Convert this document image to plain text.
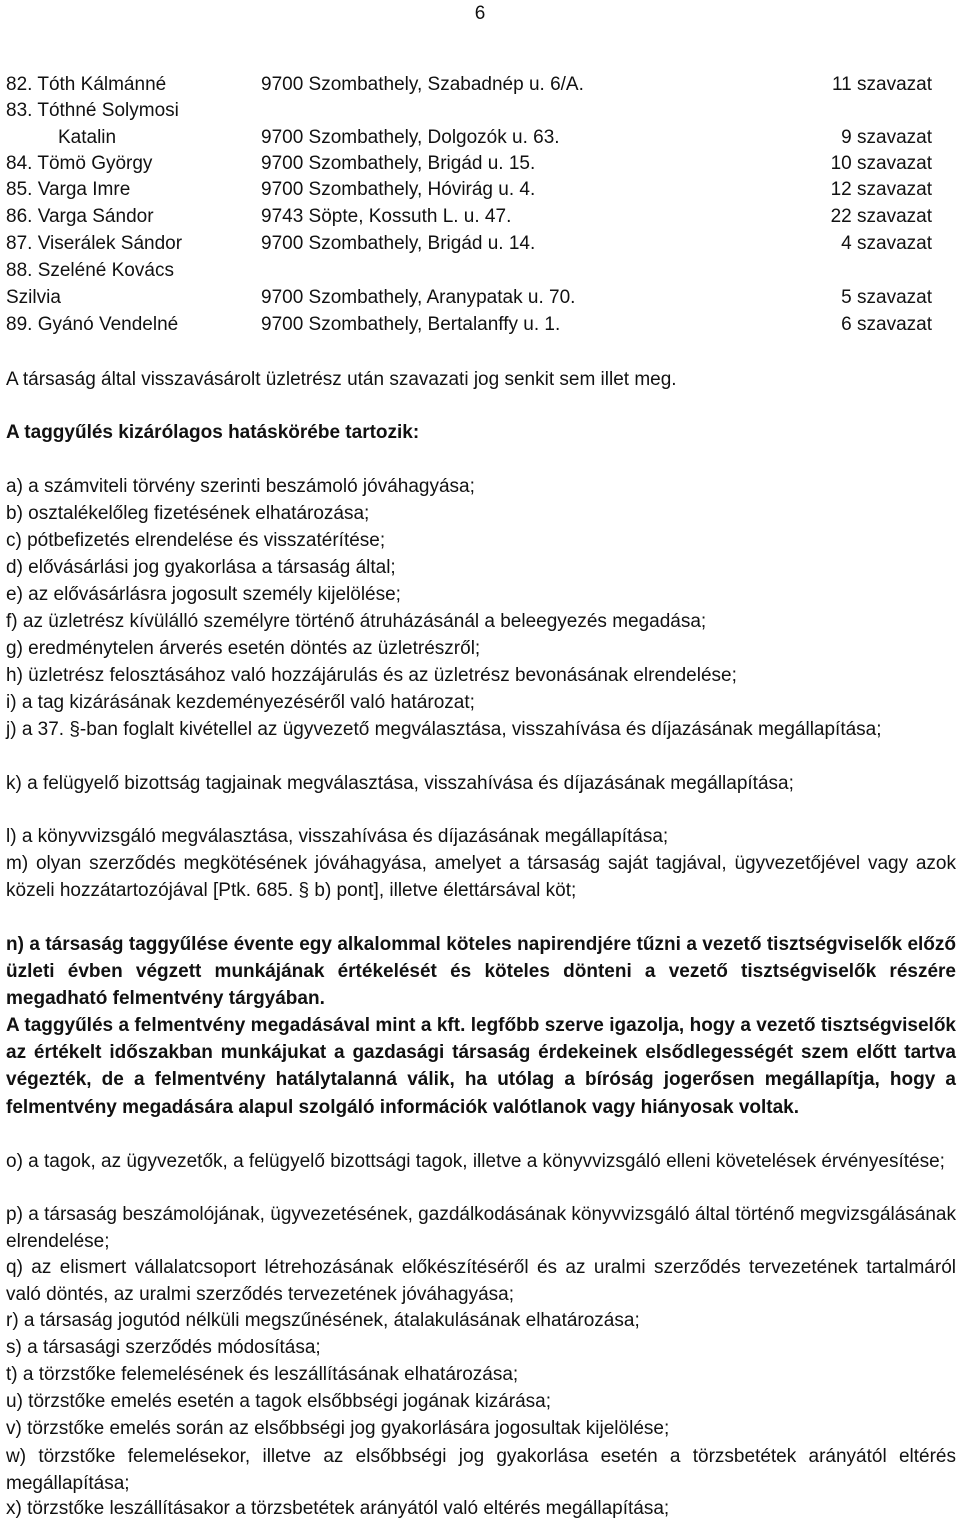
6
82. Tóth Kálmánné	9700 Szombathely, Szabadnép u. 6/A.	11 szavazat
83. Tóthné Solymosi
Katalin	9700 Szombathely, Dolgozók u. 63.	9 szavazat
84. Tömö György	9700 Szombathely, Brigád u. 15.	10 szavazat
85. Varga Imre	9700 Szombathely, Hóvirág u. 4.	12 szavazat
86. Varga Sándor	9743 Söpte, Kossuth L. u. 47.	22 szavazat
87. Viserálek Sándor	9700 Szombathely, Brigád u. 14.	4 szavazat
88. Szeléné Kovács
Szilvia	9700 Szombathely, Aranypatak u. 70.	5 szavazat
89. Gyánó Vendelné	9700 Szombathely, Bertalanffy u. 1.	6 szavazat
A társaság által visszavásárolt üzletrész után szavazati jog senkit sem illet meg.
A taggyűlés kizárólagos hatáskörébe tartozik:
a) a számviteli törvény szerinti beszámoló jóváhagyása;
b) osztalékelőleg fizetésének elhatározása;
c) pótbefizetés elrendelése és visszatérítése;
d) elővásárlási jog gyakorlása a társaság által;
e) az elővásárlásra jogosult személy kijelölése;
f) az üzletrész kívülálló személyre történő átruházásánál a beleegyezés megadása;
g) eredménytelen árverés esetén döntés az üzletrészről;
h) üzletrész felosztásához való hozzájárulás és az üzletrész bevonásának elrendelése;
i) a tag kizárásának kezdeményezéséről való határozat;
j) a 37. §-ban foglalt kivétellel az ügyvezető megválasztása, visszahívása és díjazásának megállapítása;
k) a felügyelő bizottság tagjainak megválasztása, visszahívása és díjazásának megállapítása;
l) a könyvvizsgáló megválasztása, visszahívása és díjazásának megállapítása;
m) olyan szerződés megkötésének jóváhagyása, amelyet a társaság saját tagjával, ügyvezetőjével vagy azok közeli hozzátartozójával [Ptk. 685. § b) pont], illetve élettársával köt;
n) a társaság taggyűlése évente egy alkalommal köteles napirendjére tűzni a vezető tisztségviselők előző üzleti évben végzett munkájának értékelését és köteles dönteni a vezető tisztségviselők részére megadható felmentvény tárgyában.
A taggyűlés a felmentvény megadásával mint a kft. legfőbb szerve igazolja, hogy a vezető tisztségviselők az értékelt időszakban munkájukat a gazdasági társaság érdekeinek elsődlegességét szem előtt tartva végezték, de a felmentvény hatálytalanná válik, ha utólag a bíróság jogerősen megállapítja, hogy a felmentvény megadására alapul szolgáló információk valótlanok vagy hiányosak voltak.
o) a tagok, az ügyvezetők, a felügyelő bizottsági tagok, illetve a könyvvizsgáló elleni követelések érvényesítése;
p) a társaság beszámolójának, ügyvezetésének, gazdálkodásának könyvvizsgáló által történő megvizsgálásának elrendelése;
q) az elismert vállalatcsoport létrehozásának előkészítéséről és az uralmi szerződés tervezetének tartalmáról való döntés, az uralmi szerződés tervezetének jóváhagyása;
r) a társaság jogutód nélküli megszűnésének, átalakulásának elhatározása;
s) a társasági szerződés módosítása;
t) a törzstőke felemelésének és leszállításának elhatározása;
u) törzstőke emelés esetén a tagok elsőbbségi jogának kizárása;
v) törzstőke emelés során az elsőbbségi jog gyakorlására jogosultak kijelölése;
w) törzstőke felemelésekor, illetve az elsőbbségi jog gyakorlása esetén a törzsbetétek arányától eltérés megállapítása;
x) törzstőke leszállításakor a törzsbetétek arányától való eltérés megállapítása;
